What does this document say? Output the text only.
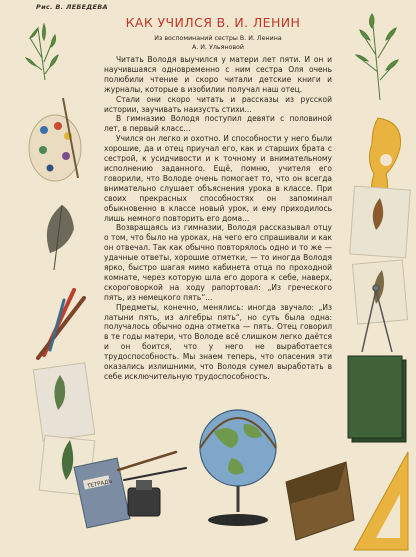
ТЕТРАДЬ
Рис. В. ЛЕБЕДЕВА
КАК УЧИЛСЯ В. И. ЛЕНИН
Из воспоминаний сестры В. И. Ленина
А. И. Ульяновой

Читать Володя выучился у матери лет пяти. И он и научившаяся одновременно с ним сестра Оля очень полюбили чтение и скоро читали детские книги и журналы, которые в изобилии получал наш отец.

Стали они скоро читать и рассказы из русской истории, заучивать наизусть стихи...

В гимназию Володя поступил девяти с половиной лет, в первый класс...

Учился он легко и охотно. И способности у него были хорошие, да и отец приучал его, как и старших брата с сестрой, к усидчивости и к точному и внимательному исполнению заданного. Ещё, помню, учителя его говорили, что Володе очень помогает то, что он всегда внимательно слушает объяснения урока в классе. При своих прекрасных способностях он запоминал обыкновенно в классе новый урок, и ему приходилось лишь немного повторить его дома...

Возвращаясь из гимназии, Володя рассказывал отцу о том, что было на уроках, на чего его спрашивали и как он отвечал. Так как обычно повторялось одно и то же — удачные ответы, хорошие отметки, — то иногда Володя ярко, быстро шагая мимо кабинета отца по проходной комнате, через которую шла его дорога к себе, наверх, скороговоркой на ходу рапортовал: „Из греческого пять, из немецкого пять“...

Предметы, конечно, менялись: иногда звучало: „Из латыни пять, из алгебры пять“, но суть была одна: получалось обычно одна отметка — пять. Отец говорил в те годы матери, что Володе всё слишком легко даётся и он боится, что у него не выработается трудоспособность. Мы знаем теперь, что опасения эти оказались излишними, что Володя сумел выработать в себе исключительную трудоспособность.
